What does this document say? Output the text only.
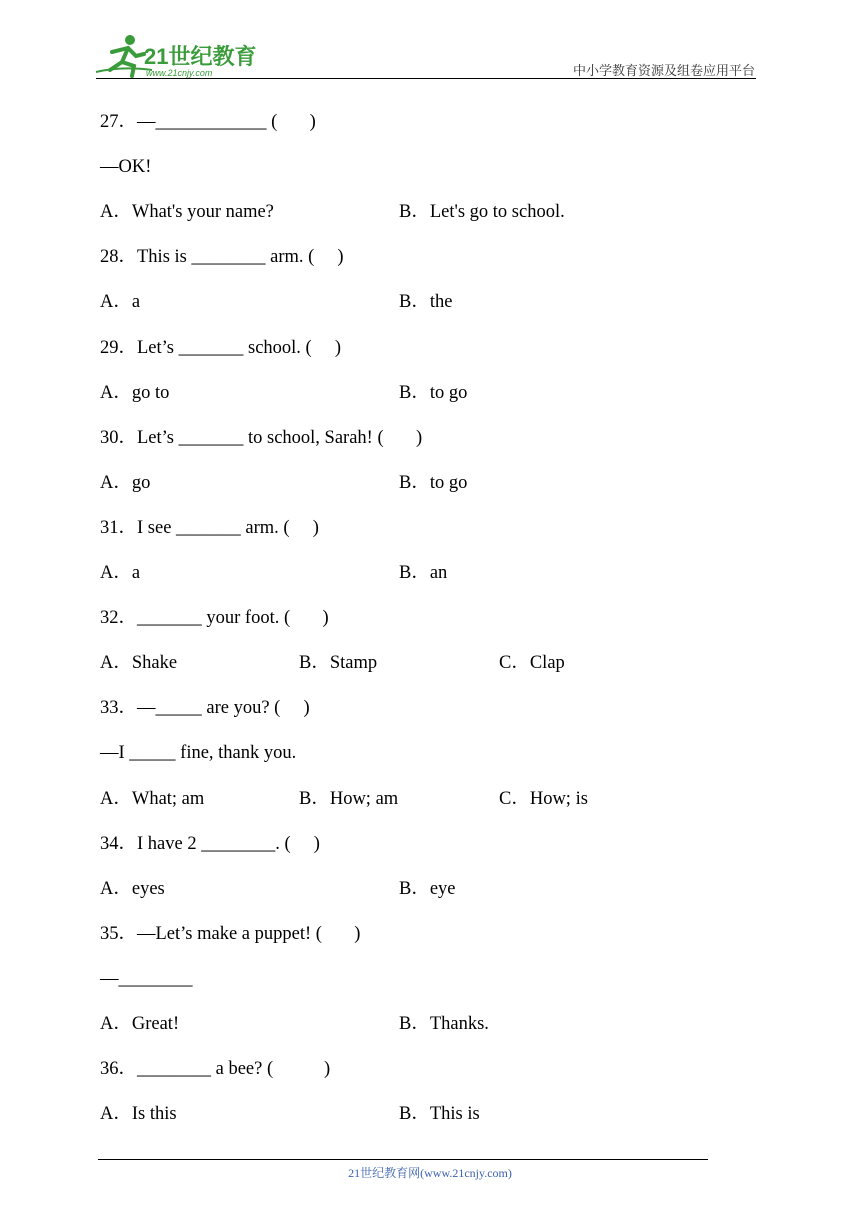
21世纪教育
www.21cnjy.com	中小学教育资源及组卷应用平台
27．—____________ (       )
—OK!
A．What's your name?	B．Let's go to school.
28．This is ________ arm. (     )
A．a	B．the
29．Let’s _______ school. (     )
A．go to	B．to go
30．Let’s _______ to school, Sarah! (       )
A．go	B．to go
31．I see _______ arm. (     )
A．a	B．an
32．_______ your foot. (       )
A．Shake	B．Stamp	C．Clap
33．—_____ are you? (     )
—I _____ fine, thank you.
A．What; am	B．How; am	C．How; is
34．I have 2 ________. (     )
A．eyes	B．eye
35．—Let’s make a puppet! (       )
—________
A．Great!	B．Thanks.
36．________ a bee? (           )
A．Is this	B．This is
21世纪教育网(www.21cnjy.com)
